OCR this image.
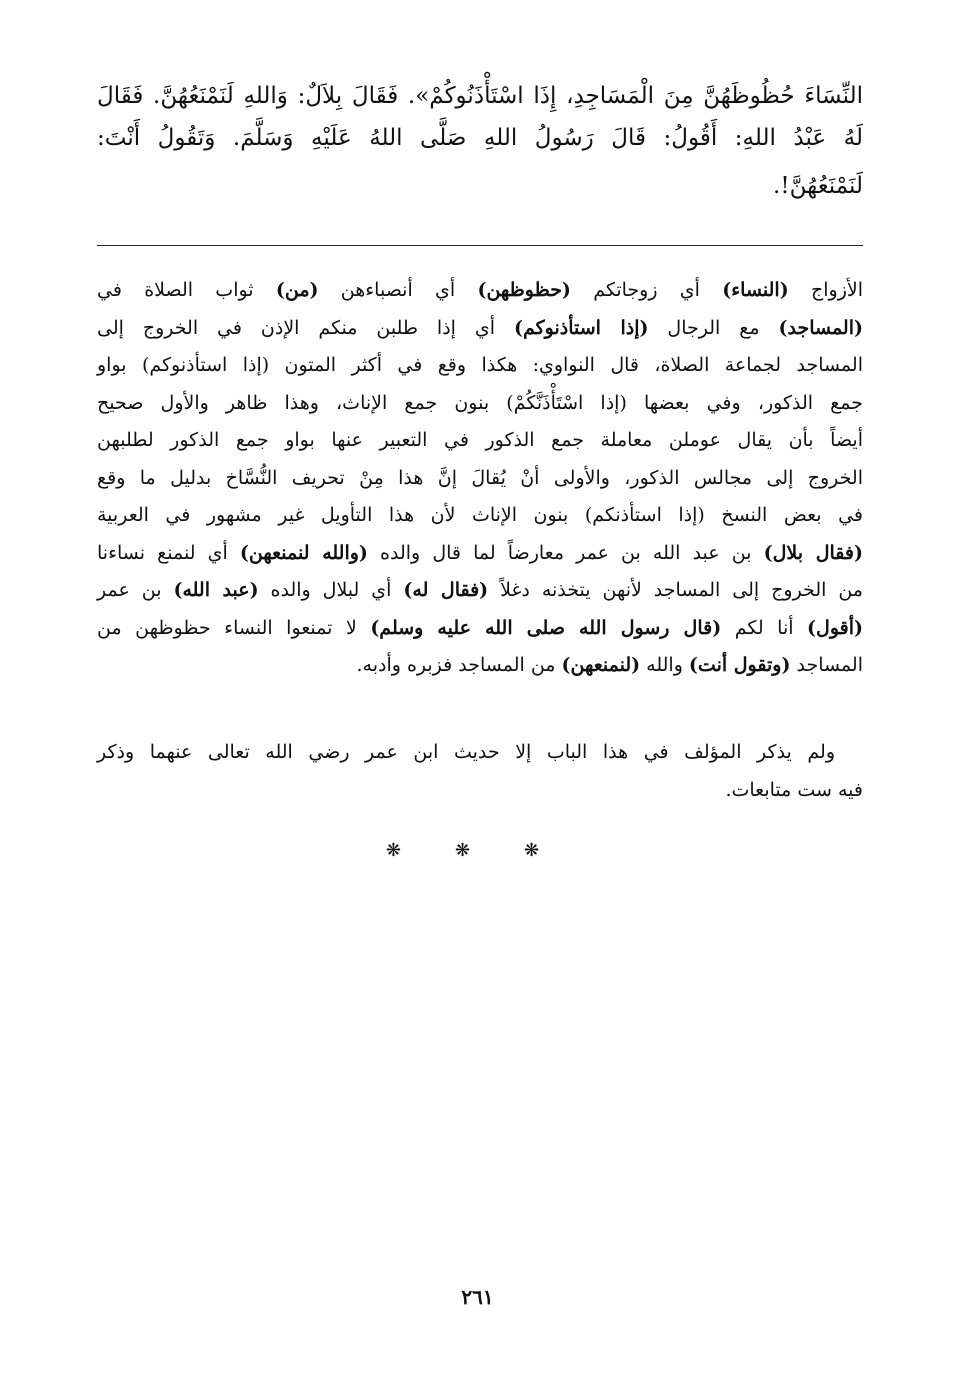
النِّسَاءَ حُظُوظَهُنَّ مِنَ الْمَسَاجِدِ، إِذَا اسْتَأْذَنُوكُمْ». فَقَالَ بِلاَلٌ: وَاللهِ لَنَمْنَعُهُنَّ. فَقَالَ
لَهُ عَبْدُ اللهِ: أَقُولُ: قَالَ رَسُولُ اللهِ صَلَّى اللهُ عَلَيْهِ وَسَلَّمَ. وَتَقُولُ أَنْتَ:
لَنَمْنَعُهُنَّ!.
الأزواج (النساء) أي زوجاتكم (حظوظهن) أي أنصباءهن (من) ثواب الصلاة في
(المساجد) مع الرجال (إذا استأذنوكم) أي إذا طلبن منكم الإذن في الخروج إلى
المساجد لجماعة الصلاة، قال النواوي: هكذا وقع في أكثر المتون (إذا استأذنوكم) بواو
جمع الذكور، وفي بعضها (إذا اسْتَأْذَنَّكُمْ) بنون جمع الإناث، وهذا ظاهر والأول صحيح
أيضاً بأن يقال عوملن معاملة جمع الذكور في التعبير عنها بواو جمع الذكور لطلبهن
الخروج إلى مجالس الذكور، والأولى أنْ يُقالَ إنَّ هذا مِنْ تحريف النُّسَّاخ بدليل ما وقع
في بعض النسخ (إذا استأذنكم) بنون الإناث لأن هذا التأويل غير مشهور في العربية
(فقال بلال) بن عبد الله بن عمر معارضاً لما قال والده (والله لنمنعهن) أي لنمنع نساءنا
من الخروج إلى المساجد لأنهن يتخذنه دغلاً (فقال له) أي لبلال والده (عبد الله) بن عمر
(أقول) أنا لكم (قال رسول الله صلى الله عليه وسلم) لا تمنعوا النساء حظوظهن من
المساجد (وتقول أنت) والله (لنمنعهن) من المساجد فزبره وأدبه.
ولم يذكر المؤلف في هذا الباب إلا حديث ابن عمر رضي الله تعالى عنهما وذكر
فيه ست متابعات.
❋ ❋ ❋
٢٦١
